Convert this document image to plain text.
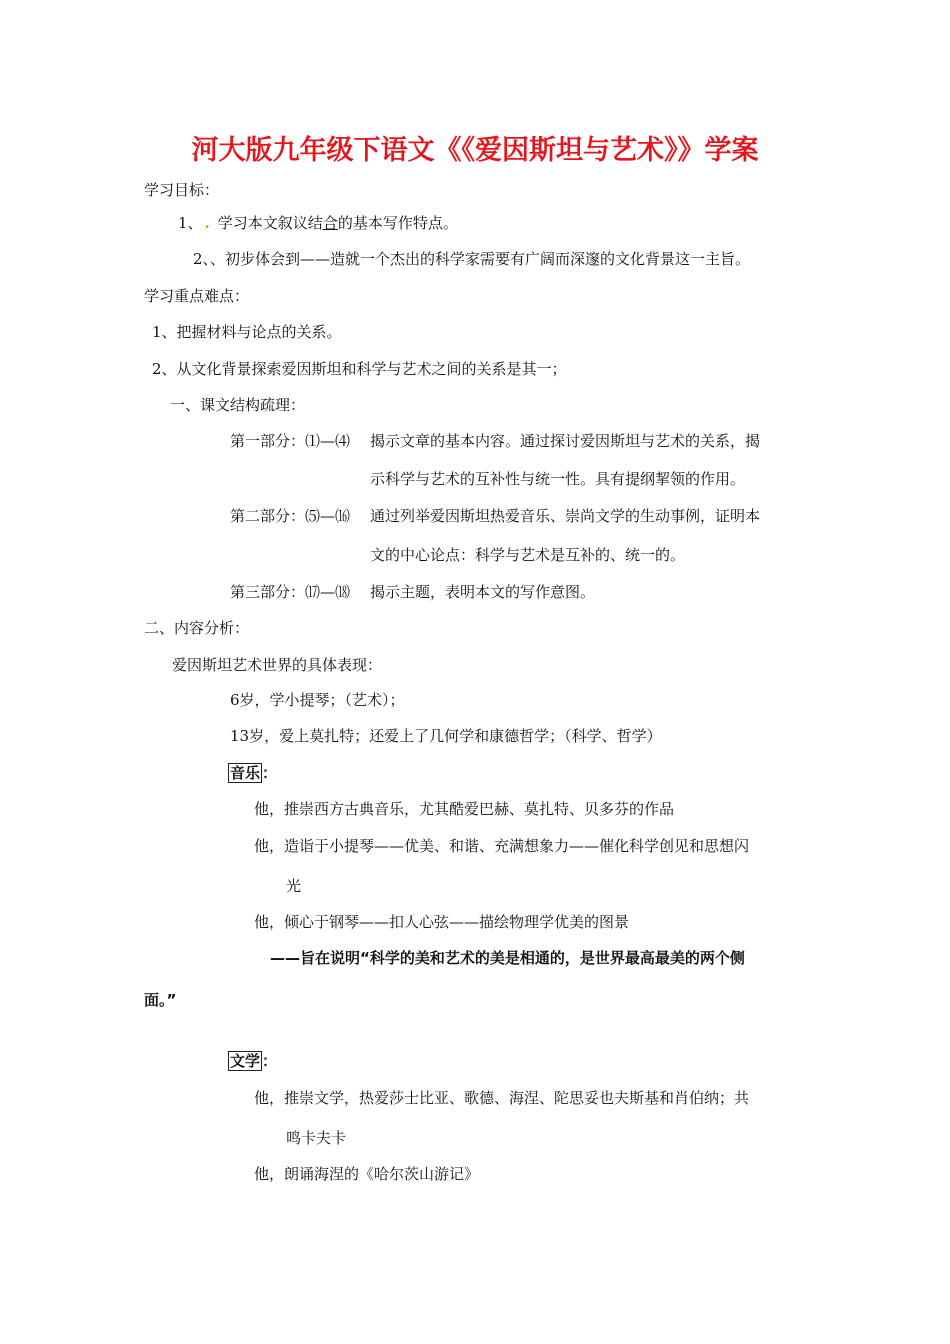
河大版九年级下语文《《爱因斯坦与艺术》》学案
学习目标：
1、 . 学习本文叙议结合的基本写作特点。
2、、初步体会到——造就一个杰出的科学家需要有广阔而深邃的文化背景这一主旨。
学习重点难点：
1、把握材料与论点的关系。
2、从文化背景探索爱因斯坦和科学与艺术之间的关系是其一；
一、课文结构疏理：
第一部分：⑴—⑷ 揭示文章的基本内容。通过探讨爱因斯坦与艺术的关系，揭
示科学与艺术的互补性与统一性。具有提纲挈领的作用。
第二部分：⑸—⒃ 通过列举爱因斯坦热爱音乐、崇尚文学的生动事例，证明本
文的中心论点：科学与艺术是互补的、统一的。
第三部分：⒄—⒅ 揭示主题，表明本文的写作意图。
二、内容分析：
爱因斯坦艺术世界的具体表现：
6岁，学小提琴；（艺术）；
13岁，爱上莫扎特；还爱上了几何学和康德哲学；（科学、哲学）
音乐 ：
他，推崇西方古典音乐，尤其酷爱巴赫、莫扎特、贝多芬的作品
他，造诣于小提琴——优美、和谐、充满想象力——催化科学创见和思想闪
光
他，倾心于钢琴——扣人心弦——描绘物理学优美的图景
——旨在说明“科学的美和艺术的美是相通的，是世界最高最美的两个侧
面。”
文学 ：
他，推崇文学，热爱莎士比亚、歌德、海涅、陀思妥也夫斯基和肖伯纳；共
鸣卡夫卡
他，朗诵海涅的《哈尔茨山游记》
